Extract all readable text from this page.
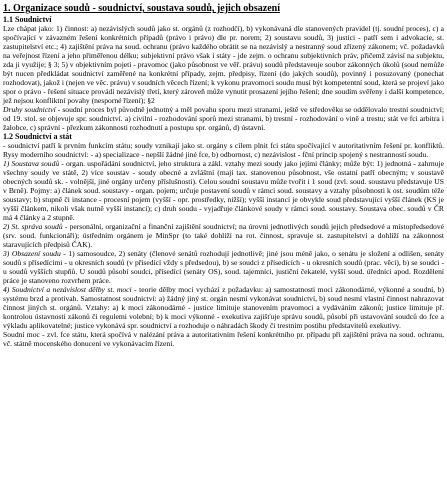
1. Organizace soudů - soudnictví, soustava soudů, jejich obsazení
1.1 Soudnictví

Lze chápat jako: 1) činnost: a) nezávislých soudů jako st. orgánů (z rozhodčí), b) vykonávaná dle stanovených pravidel (tj. soudní proces), c) a spočívající v závazném řešení konkrétních případů (právo i právo) dle pr. norem; 2) soustavu soudů, 3) justici - patří sem i advokacie, st. zastupitelství etc.; 4) zajištění práva na soud. ochranu (právo každého obrátit se na nezávislý a nestranný soud zřízený zákonem; vč. požadavků na veřejnost řízení a jeho přiměřenou délku; subjektivní právo však i státy - jde zejm. o ochranu subjektivních práv, přičemž závisí na subjektu, zda ji využije; § 3; 5) v objektivním pojetí - pravomoc (jako působnost ve věř. právu) soudů představeuje soubor zákonných úkolů (soud nemůže být nucen předkládat soudnictví zaměřené na konkrétní případy, zejm. předpisy, řízení (do jakých soudů), povinný i posuzovaný (ponechat rozhodovat), jakož i (nejen ve věc. právu) v soudních věcech řízení; k vykonu pravomoci soudu musí být kompetentní soud, která se projeví jako spor o právo - řešení situace provádí nezávislý třetí, který zároveň může vynutit prosazení jejího řešení; dne soudím svěřeny i další kompetence, jež nejsou konfliktní povahy (nesporné řízení); §2

Druhy soudnictví - soudní proces byl původně jednotný a měl povahu sporu mezi stranami, ještě ve středověku se oddělovalo trestní soudnictví; od 19. stol. se objevuje spr. soudnictví. a) civilní - rozhodování sporů mezi stranami, b) trestní - rozhodování o vině a trestu; stát ve fci arbitra i žalobce, c) správní - přezkum zákonnosti rozhodnutí a postupu spr. orgánů, d) ústavní.

1.2 Soudnictví a stát

- soudnictví patří k prvním funkcím státu; soudy vznikají jako st. orgány s cílem plnit fci státu spočívající v autoritativním řešení pr. konfliktů. Rysy moderního soudnictví: - a) specializace - nepšlí žádné jiné fce, b) odbornost, c) nezávislost - fční princip spojený s nestranností soudu.

1) Soustava soudů - organ. uspořádání soudnictví, jeho struktura a zákl. vztahy mezi soudy jako jejími články; může být: 1) jednotná - zahrnuje všechny soudy ve státě, 2) více soustav - soudy obecné a zvláštní (mají tax. stanovenou působnost, vše ostatní patří obecným; v soustavě obecných soudů sk. - volnější, jiné orgány určeny příslušnosti). Celou soudní soustavu může tvořit i 1 soud (zvl. soud. soustavu představuje US v Brně). Pojmy: a) článek soud. soustavy - organ. pojem; určuje postavení soudů v rámci soud. soustavy a vztahy působnosti k ost. soudům téže soustavy; b) stupně či instance - procesní pojem (vyšší - opr. prostředky, nižší); vyšší instanci je obvykle soud představující vyšší článek (KS je vyšší článkem, nikoli však nutně vyšší instancí); c) druh soudu - vyjadřuje článkové soudy v rámci soud. soustavy. Soustava obec. soudů v ČR má 4 články a 2 stupně.

2) St. správa soudů - personální, organizační a finanční zajištění soudnictví; na úrovni jednotlivých soudů jejich předsedové a místopředsedové (srv. soud. funkcionáři); ústředním orgánem je MinSpr (to také dohlíží na rot. činnost, spravuje st. zastupitelství a dohlíží na zákonnost staravujících předpisů ČAK).

3) Obsazení soudu - 1) samosoudce, 2) senáty (členové senátů rozhodují jednotlivě; jiné jsou méně jako, o senátu je složení a odlišen, senáty soudů s přísedícími - u okresních soudů (v přísedící vždy s předsedou), b) se soudci z přísedících - u okresních soudů (prac. věci), b) se soudci - u soudů vyšších stupňů. U soudů působí soudci, přísedící (senáty OS), soud. tajemníci, justiční čekatelé, vyšší soud. úředníci apod. Rozdělení práce je stanoveno rozvrhem práce.

4) Soudnictví a nezávislost dělby st. moci - teorie dělby moci vychází z požadavku: a) samostatnosti moci zákonodárné, výkonné a soudní, b) systému brzd a protivah. Samostatnost soudnictví: a) žádný jiný st. orgán nesmí vykonávat soudnictví, b) soud nesmí vlastní činnost nahrazovat činnost jiných st. orgánů. Vztahy: a) k moci zákonodárné - justice limituje stanovením pravomoci a vydáváním zákonů; justice limituje př. kontrolou ústavnosti zákonů či regulemi volební; b) k moci výkonné - exekutiva zajišťuje správu soudů, působí při ustavování soudců do fce a výkladu aplikovatelné; justice vykonává spr. soudnictví a rozhoduje o náhradách škody či trestním postihu představitelů exekutivy.

Soudní moc - zvl. fce státu, která spočívá v nalézání práva a autoritativním řešení konkrétního pr. případu při zajištění práva na soud. ochranu, vč. státně mocenského donucení ve vykonávacím řízení.
